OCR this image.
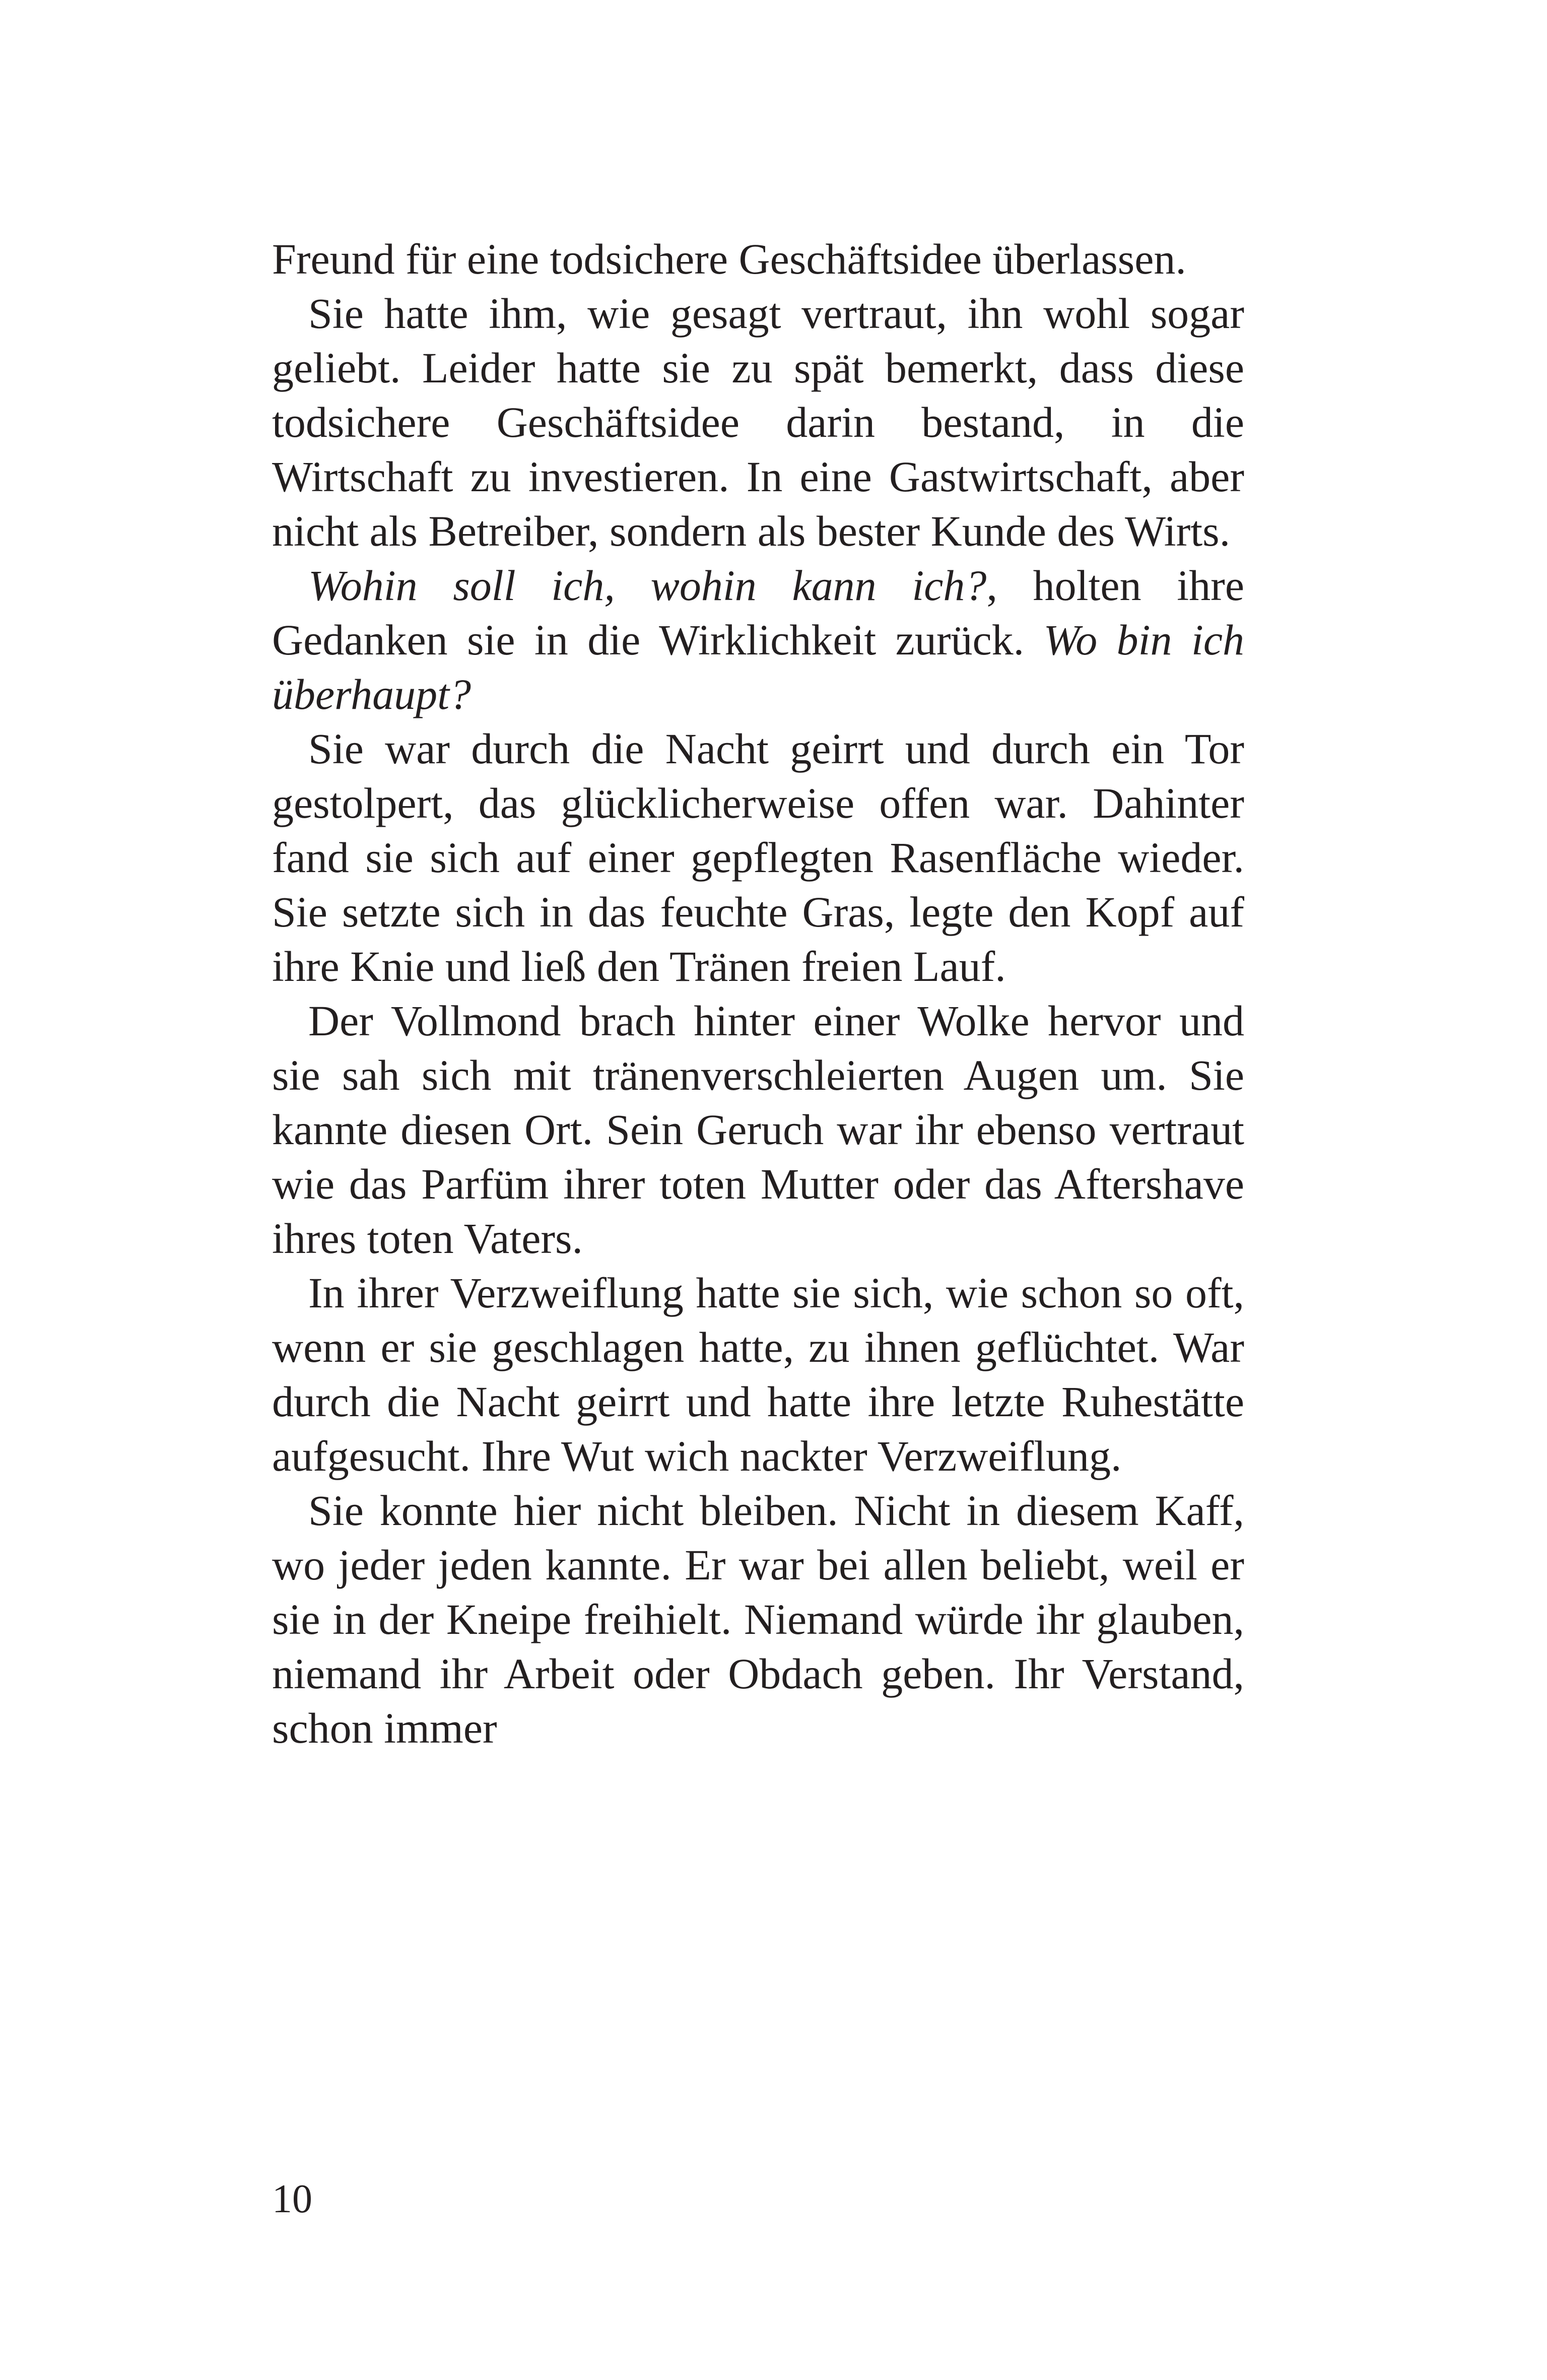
Freund für eine todsichere Geschäftsidee überlassen.

Sie hatte ihm, wie gesagt vertraut, ihn wohl sogar geliebt. Leider hatte sie zu spät bemerkt, dass diese todsichere Geschäftsidee darin bestand, in die Wirtschaft zu investieren. In eine Gastwirtschaft, aber nicht als Betreiber, sondern als bester Kunde des Wirts.

Wohin soll ich, wohin kann ich?, holten ihre Gedanken sie in die Wirklichkeit zurück. Wo bin ich überhaupt?

Sie war durch die Nacht geirrt und durch ein Tor gestolpert, das glücklicherweise offen war. Dahinter fand sie sich auf einer gepflegten Rasenfläche wieder. Sie setzte sich in das feuchte Gras, legte den Kopf auf ihre Knie und ließ den Tränen freien Lauf.

Der Vollmond brach hinter einer Wolke hervor und sie sah sich mit tränenverschleierten Augen um. Sie kannte diesen Ort. Sein Geruch war ihr ebenso vertraut wie das Parfüm ihrer toten Mutter oder das Aftershave ihres toten Vaters.

In ihrer Verzweiflung hatte sie sich, wie schon so oft, wenn er sie geschlagen hatte, zu ihnen geflüchtet. War durch die Nacht geirrt und hatte ihre letzte Ruhestätte aufgesucht. Ihre Wut wich nackter Verzweiflung.

Sie konnte hier nicht bleiben. Nicht in diesem Kaff, wo jeder jeden kannte. Er war bei allen beliebt, weil er sie in der Kneipe freihielt. Niemand würde ihr glauben, niemand ihr Arbeit oder Obdach geben. Ihr Verstand, schon immer

10
